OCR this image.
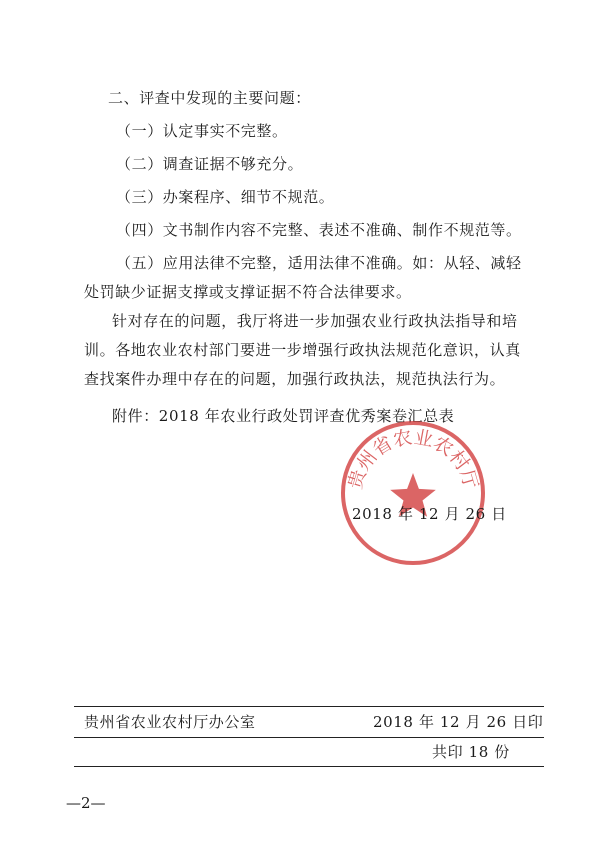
二、评查中发现的主要问题：
（一）认定事实不完整。
（二）调查证据不够充分。
（三）办案程序、细节不规范。
（四）文书制作内容不完整、表述不准确、制作不规范等。
（五）应用法律不完整，适用法律不准确。如：从轻、减轻
处罚缺少证据支撑或支撑证据不符合法律要求。
针对存在的问题，我厅将进一步加强农业行政执法指导和培
训。各地农业农村部门要进一步增强行政执法规范化意识，认真
查找案件办理中存在的问题，加强行政执法，规范执法行为。
附件：2018 年农业行政处罚评查优秀案卷汇总表
贵州省农业农村厅
2018 年 12 月 26 日
贵州省农业农村厅办公室	2018 年 12 月 26 日印
共印 18 份
—2—
